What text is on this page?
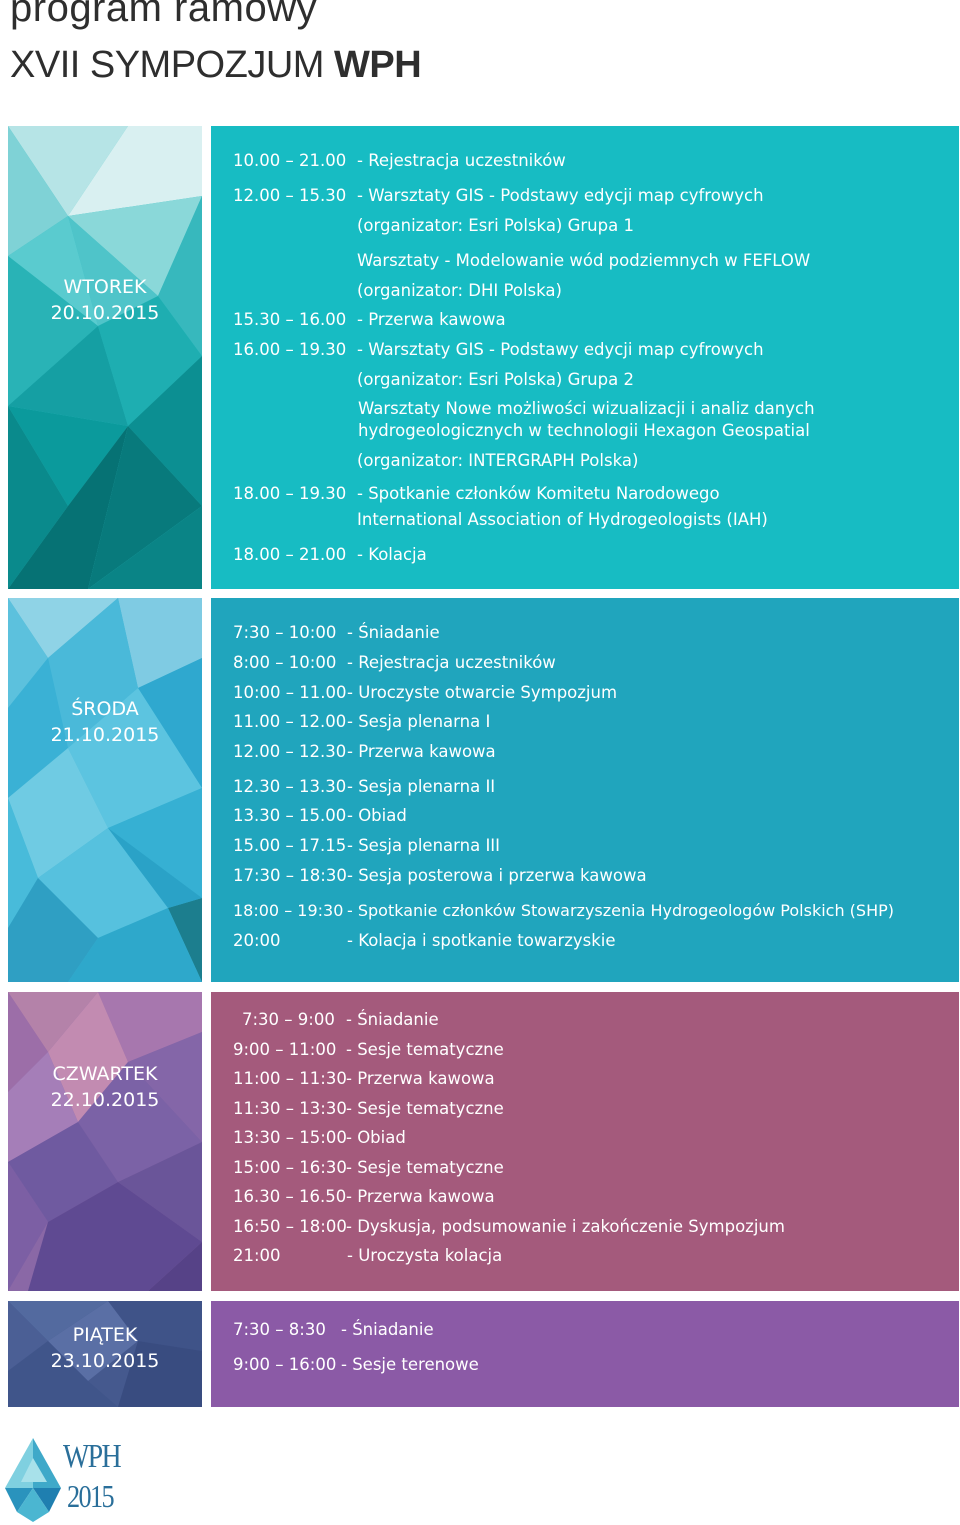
program ramowy
XVII SYMPOZJUM WPH
WTOREK
20.10.2015
10.00 – 21.00 - Rejestracja uczestników
12.00 – 15.30 - Warsztaty GIS - Podstawy edycji map cyfrowych
(organizator: Esri Polska) Grupa 1
Warsztaty - Modelowanie wód podziemnych w FEFLOW
(organizator: DHI Polska)
15.30 – 16.00 - Przerwa kawowa
16.00 – 19.30 - Warsztaty GIS - Podstawy edycji map cyfrowych
(organizator: Esri Polska) Grupa 2
Warsztaty Nowe możliwości wizualizacji i analiz danych
hydrogeologicznych w technologii Hexagon Geospatial
(organizator: INTERGRAPH Polska)
18.00 – 19.30 - Spotkanie członków Komitetu Narodowego
International Association of Hydrogeologists (IAH)
18.00 – 21.00 - Kolacja
ŚRODA
21.10.2015
7:30 – 10:00 - Śniadanie
8:00 – 10:00 - Rejestracja uczestników
10:00 – 11.00- Uroczyste otwarcie Sympozjum
11.00 – 12.00- Sesja plenarna I
12.00 – 12.30- Przerwa kawowa
12.30 – 13.30- Sesja plenarna II
13.30 – 15.00- Obiad
15.00 – 17.15- Sesja plenarna III
17:30 – 18:30- Sesja posterowa i przerwa kawowa
18:00 – 19:30 - Spotkanie członków Stowarzyszenia Hydrogeologów Polskich (SHP)
20:00	- Kolacja i spotkanie towarzyskie
CZWARTEK
22.10.2015
7:30 – 9:00 - Śniadanie
9:00 – 11:00 - Sesje tematyczne
11:00 – 11:30- Przerwa kawowa
11:30 – 13:30- Sesje tematyczne
13:30 – 15:00- Obiad
15:00 – 16:30- Sesje tematyczne
16.30 – 16.50- Przerwa kawowa
16:50 – 18:00- Dyskusja, podsumowanie i zakończenie Sympozjum
21:00	- Uroczysta kolacja
PIĄTEK
23.10.2015
7:30 – 8:30 - Śniadanie
9:00 – 16:00 - Sesje terenowe
WPH
2015
